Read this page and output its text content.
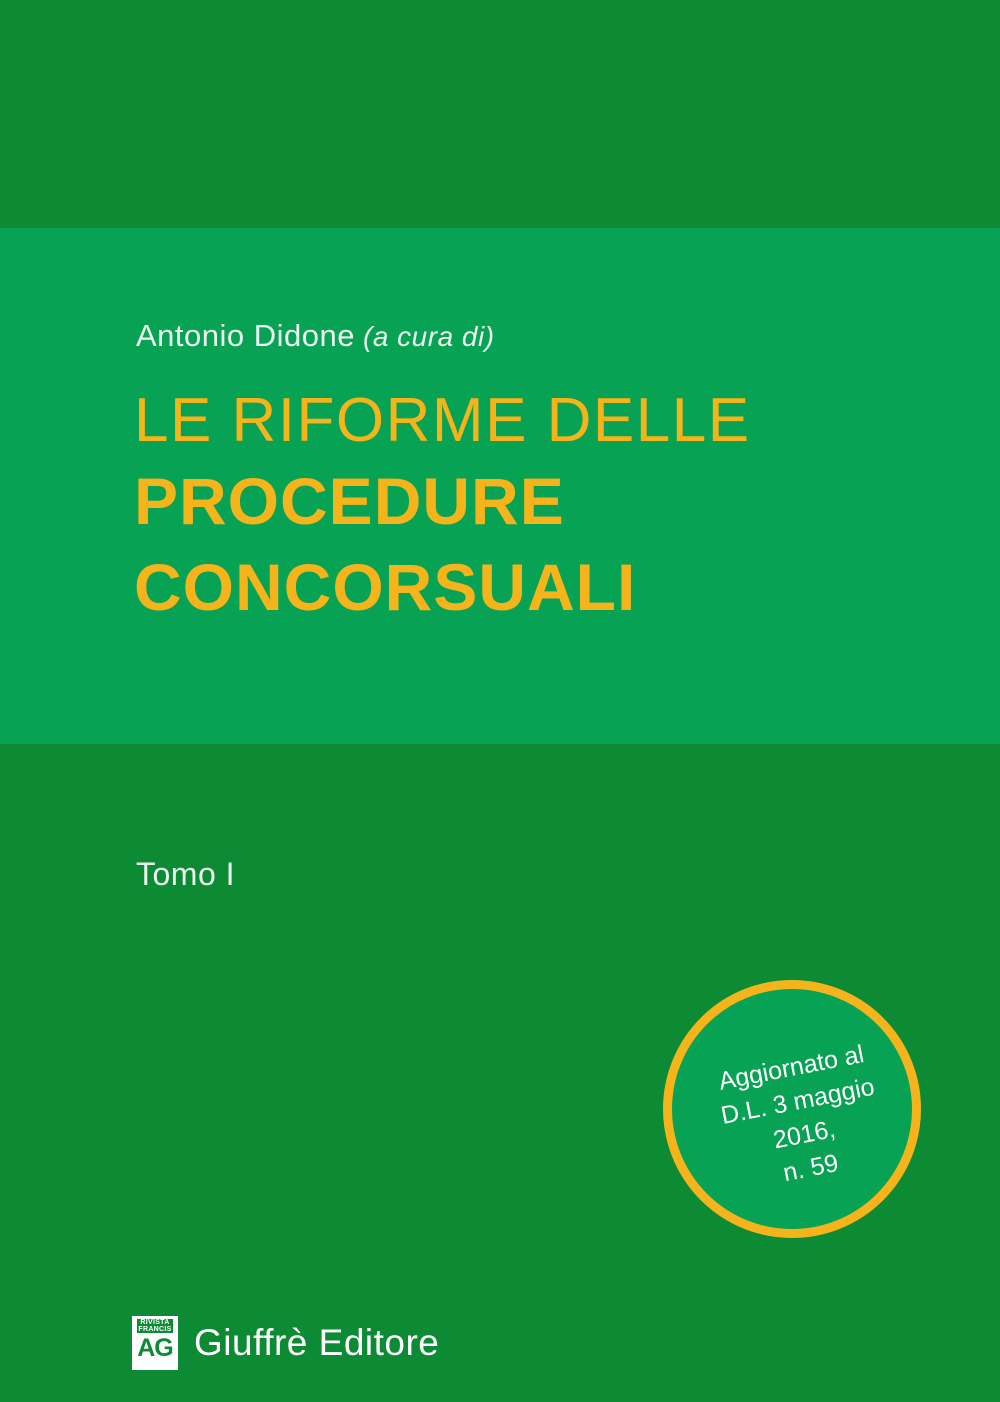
Antonio Didone (a cura di)
LE RIFORME DELLE
PROCEDURE
CONCORSUALI
Tomo I
Aggiornato al
D.L. 3 maggio 2016,
n. 59
RIVISTA FRANCIS
AG Giuffrè Editore
